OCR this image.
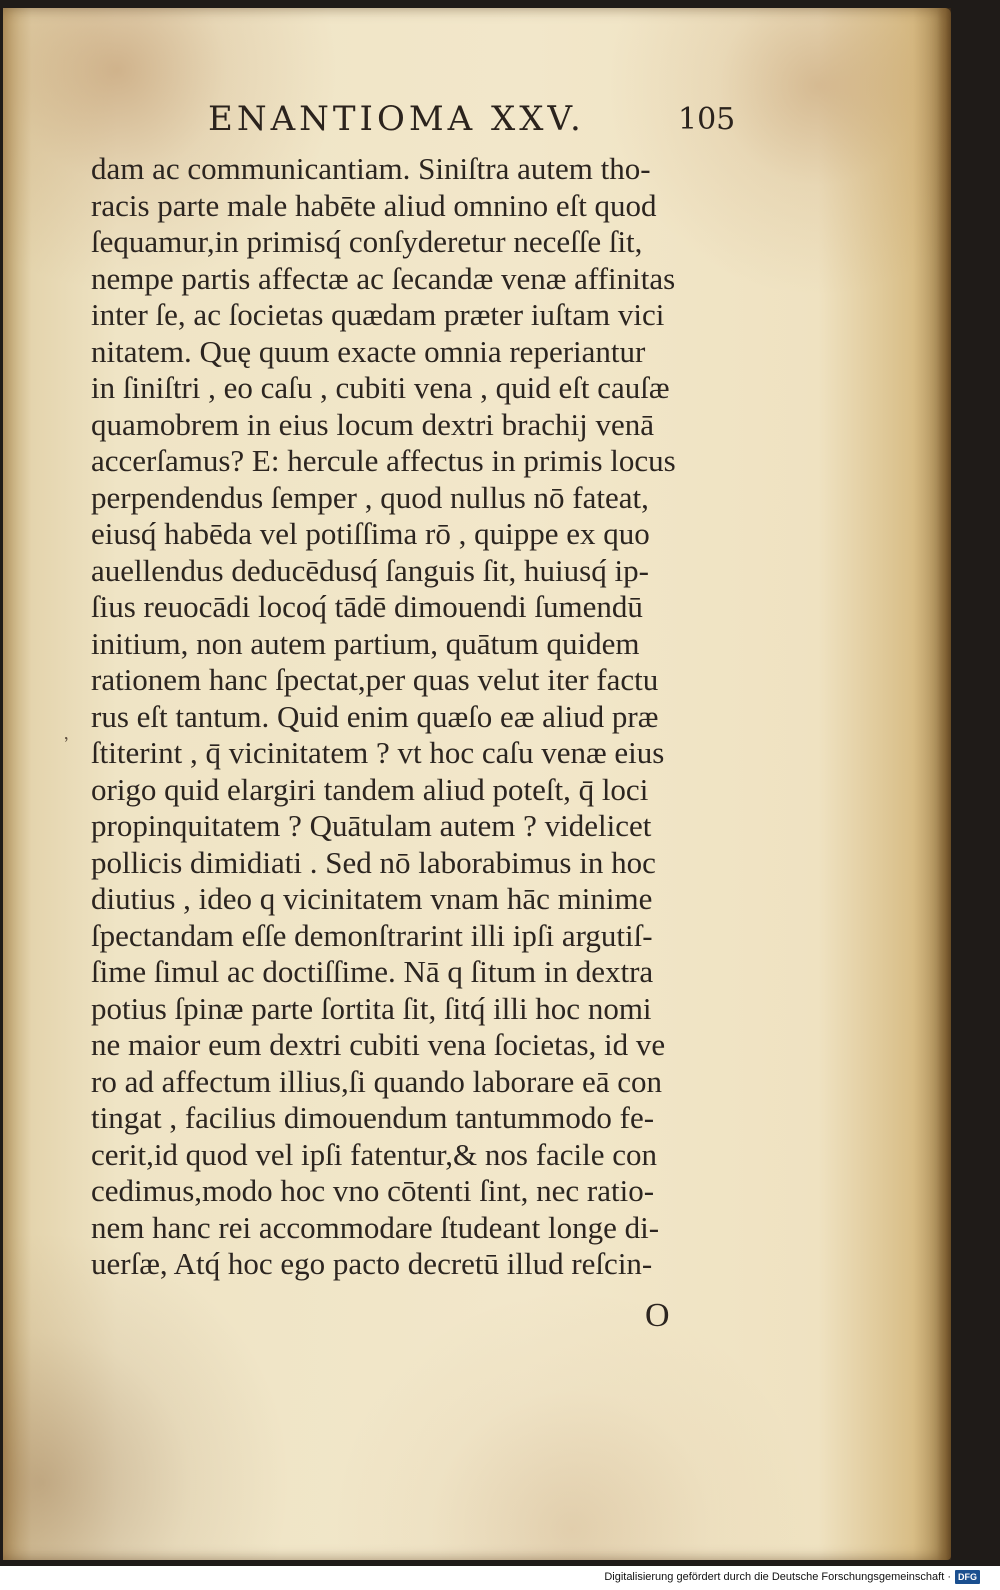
ENANTIOMA XXV.	105
,
dam ac communicantiam. Siniſtra autem tho-
racis parte male habēte aliud omnino eſt quod
ſequamur,in primisq́ conſyderetur neceſſe ſit,
nempe partis affectæ ac ſecandæ venæ affinitas
inter ſe, ac ſocietas quædam præter iuſtam vici
nitatem. Quę quum exacte omnia reperiantur
in ſiniſtri , eo caſu , cubiti vena , quid eſt cauſæ
quamobrem in eius locum dextri brachij venā
accerſamus? E: hercule affectus in primis locus
perpendendus ſemper , quod nullus nō fateat,
eiusq́ habēda vel potiſſima rō , quippe ex quo
auellendus deducēdusq́ ſanguis ſit, huiusq́ ip-
ſius reuocādi locoq́ tādē dimouendi ſumendū
initium, non autem partium, quātum quidem
rationem hanc ſpectat,per quas velut iter factu
rus eſt tantum. Quid enim quæſo eæ aliud præ
ſtiterint , q̄ vicinitatem ? vt hoc caſu venæ eius
origo quid elargiri tandem aliud poteſt, q̄ loci
propinquitatem ? Quātulam autem ? videlicet
pollicis dimidiati . Sed nō laborabimus in hoc
diutius , ideo q vicinitatem vnam hāc minime
ſpectandam eſſe demonſtrarint illi ipſi argutiſ-
ſime ſimul ac doctiſſime. Nā q ſitum in dextra
potius ſpinæ parte ſortita ſit, ſitq́ illi hoc nomi
ne maior eum dextri cubiti vena ſocietas, id ve
ro ad affectum illius,ſi quando laborare eā con
tingat , facilius dimouendum tantummodo fe-
cerit,id quod vel ipſi fatentur,& nos facile con
cedimus,modo hoc vno cōtenti ſint, nec ratio-
nem hanc rei accommodare ſtudeant longe di-
uerſæ, Atq́ hoc ego pacto decretū illud reſcin-
O
Digitalisierung gefördert durch die Deutsche Forschungsgemeinschaft · DFG
